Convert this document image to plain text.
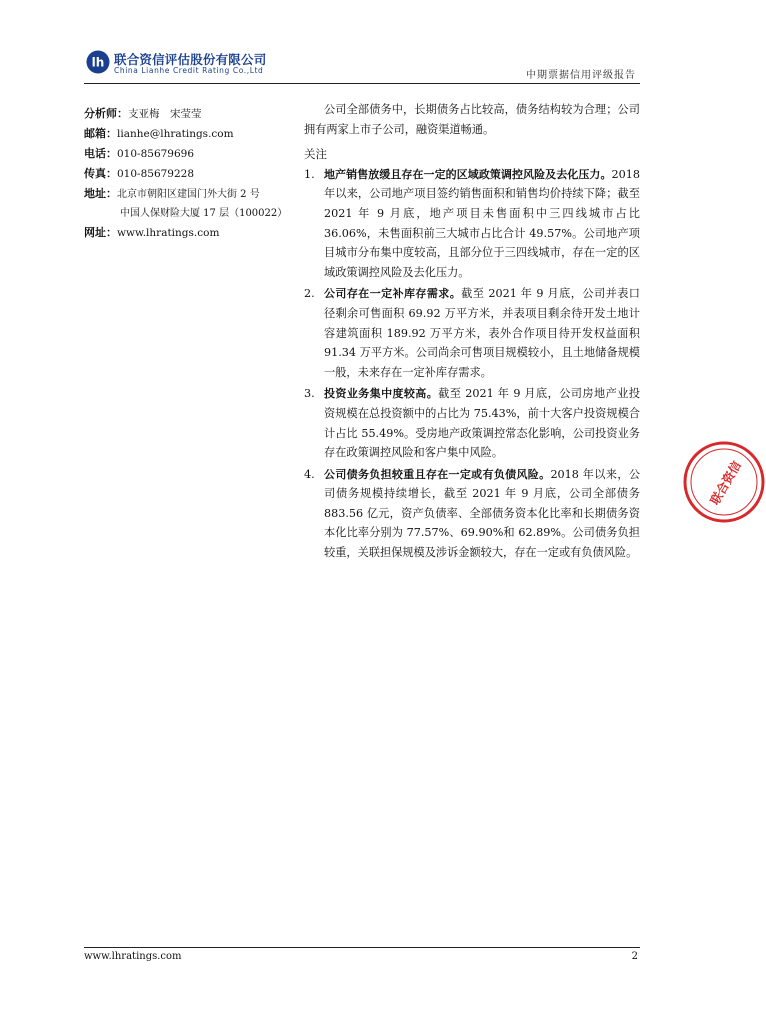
lh 联合资信评估股份有限公司
China Lianhe Credit Rating Co.,Ltd	中期票据信用评级报告
分析师：支亚梅　宋莹莹
邮箱：lianhe@lhratings.com
电话：010-85679696
传真：010-85679228
地址：北京市朝阳区建国门外大街 2 号
中国人保财险大厦 17 层（100022）
网址：www.lhratings.com

公司全部债务中，长期债务占比较高，债务结构较为合理；公司拥有两家上市子公司，融资渠道畅通。

关注
1. 地产销售放缓且存在一定的区域政策调控风险及去化压力。2018 年以来，公司地产项目签约销售面积和销售均价持续下降；截至 2021 年 9 月底，地产项目未售面积中三四线城市占比 36.06%，未售面积前三大城市占比合计 49.57%。公司地产项目城市分布集中度较高，且部分位于三四线城市，存在一定的区域政策调控风险及去化压力。
2. 公司存在一定补库存需求。截至 2021 年 9 月底，公司并表口径剩余可售面积 69.92 万平方米，并表项目剩余待开发土地计容建筑面积 189.92 万平方米，表外合作项目待开发权益面积 91.34 万平方米。公司尚余可售项目规模较小，且土地储备规模一般，未来存在一定补库存需求。
3. 投资业务集中度较高。截至 2021 年 9 月底，公司房地产业投资规模在总投资额中的占比为 75.43%，前十大客户投资规模合计占比 55.49%。受房地产政策调控常态化影响，公司投资业务存在政策调控风险和客户集中风险。
4. 公司债务负担较重且存在一定或有负债风险。2018 年以来，公司债务规模持续增长，截至 2021 年 9 月底，公司全部债务 883.56 亿元，资产负债率、全部债务资本化比率和长期债务资本化比率分别为 77.57%、69.90%和 62.89%。公司债务负担较重，关联担保规模及涉诉金额较大，存在一定或有负债风险。
联合资信
www.lhratings.com	2
